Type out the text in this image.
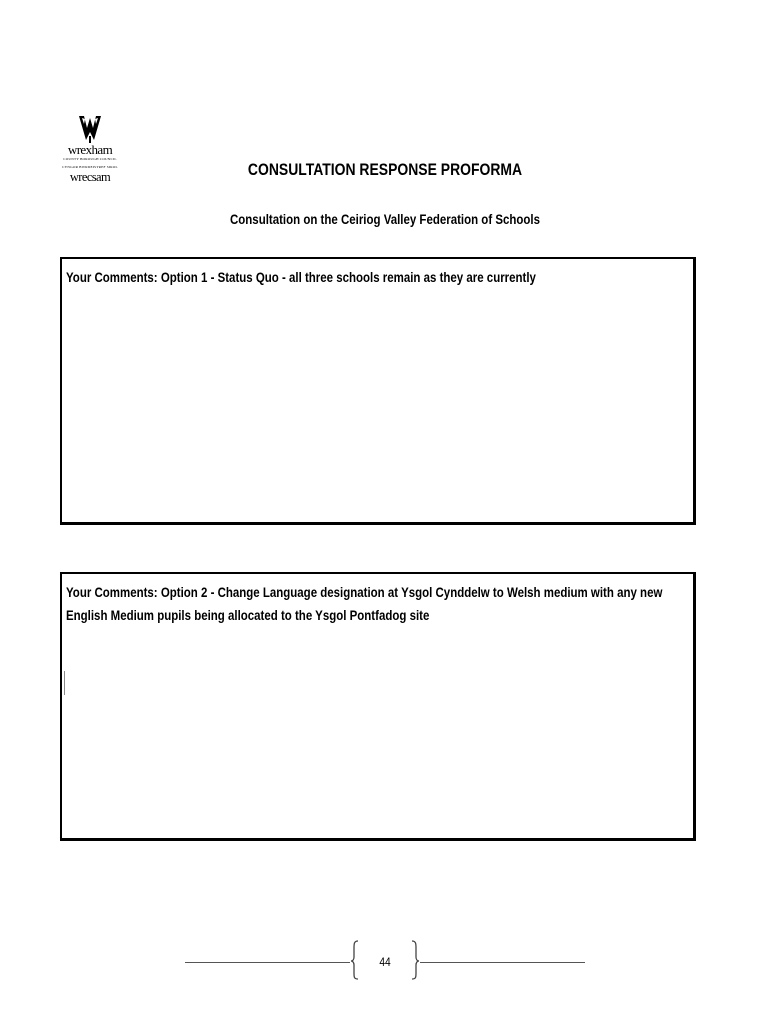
wrexham
COUNTY BOROUGH COUNCIL
CYNGOR BWRDEISTREF SIROL
wrecsam	CONSULTATION RESPONSE PROFORMA
Consultation on the Ceiriog Valley Federation of Schools
Your Comments: Option 1 - Status Quo - all three schools remain as they are currently
Your Comments: Option 2 - Change Language designation at Ysgol Cynddelw to Welsh medium with any new English Medium pupils being allocated to the Ysgol Pontfadog site
44
